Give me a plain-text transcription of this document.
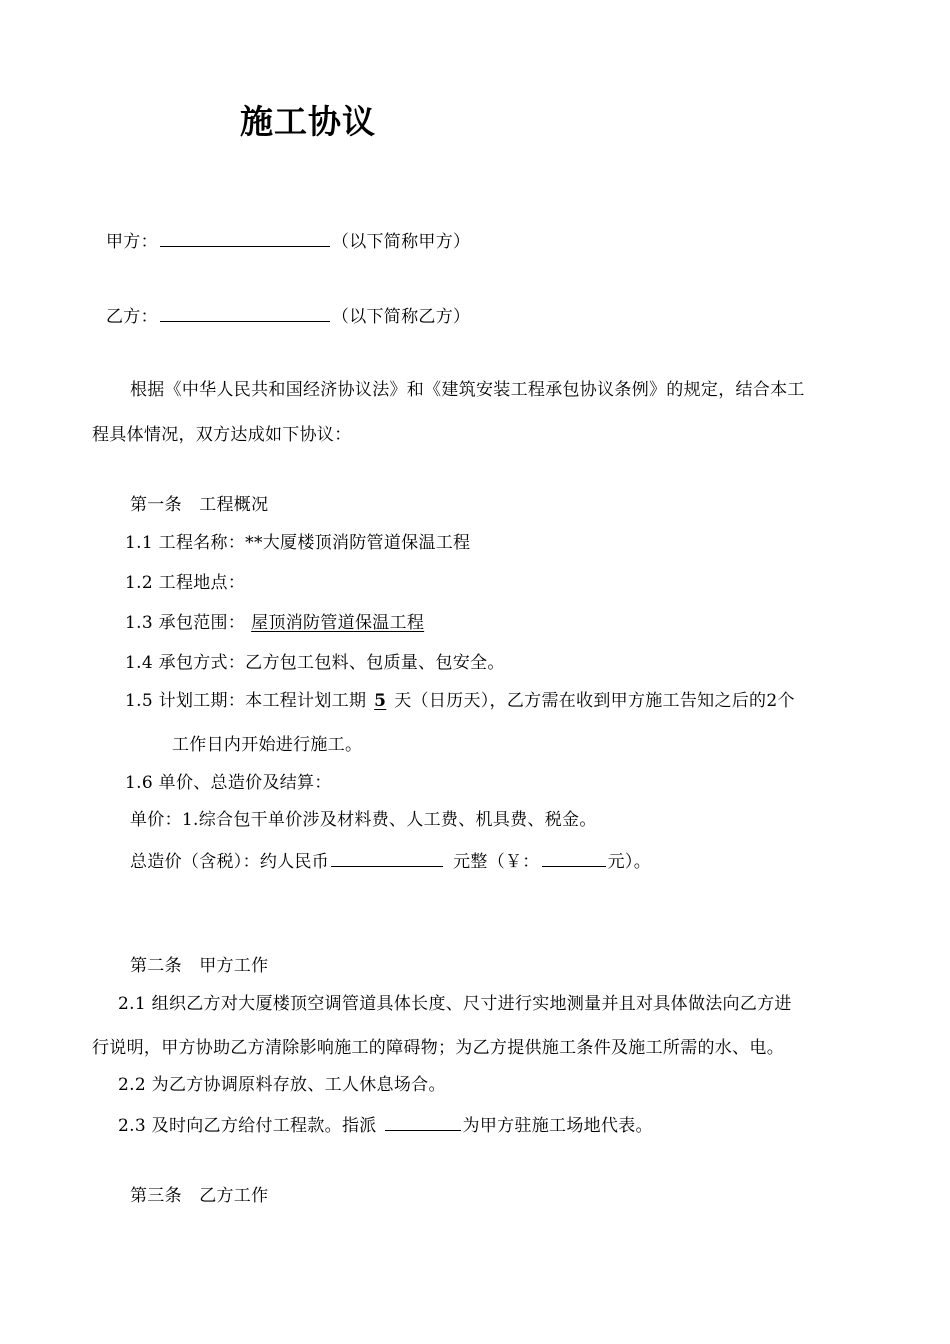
施工协议
甲方：	（以下简称甲方）
乙方：	（以下简称乙方）
根据《中华人民共和国经济协议法》和《建筑安装工程承包协议条例》的规定，结合本工
程具体情况，双方达成如下协议：
第一条　工程概况
1.1 工程名称：**大厦楼顶消防管道保温工程
1.2 工程地点：
1.3 承包范围： 屋顶消防管道保温工程
1.4 承包方式：乙方包工包料、包质量、包安全。
1.5 计划工期：本工程计划工期 5 天（日历天），乙方需在收到甲方施工告知之后的2个
工作日内开始进行施工。
1.6 单价、总造价及结算：
单价：1.综合包干单价涉及材料费、人工费、机具费、税金。
总造价（含税）：约人民币	元整（￥：	元）。
第二条　甲方工作
2.1 组织乙方对大厦楼顶空调管道具体长度、尺寸进行实地测量并且对具体做法向乙方进
行说明，甲方协助乙方清除影响施工的障碍物；为乙方提供施工条件及施工所需的水、电。
2.2 为乙方协调原料存放、工人休息场合。
2.3 及时向乙方给付工程款。指派	为甲方驻施工场地代表。
第三条　乙方工作
